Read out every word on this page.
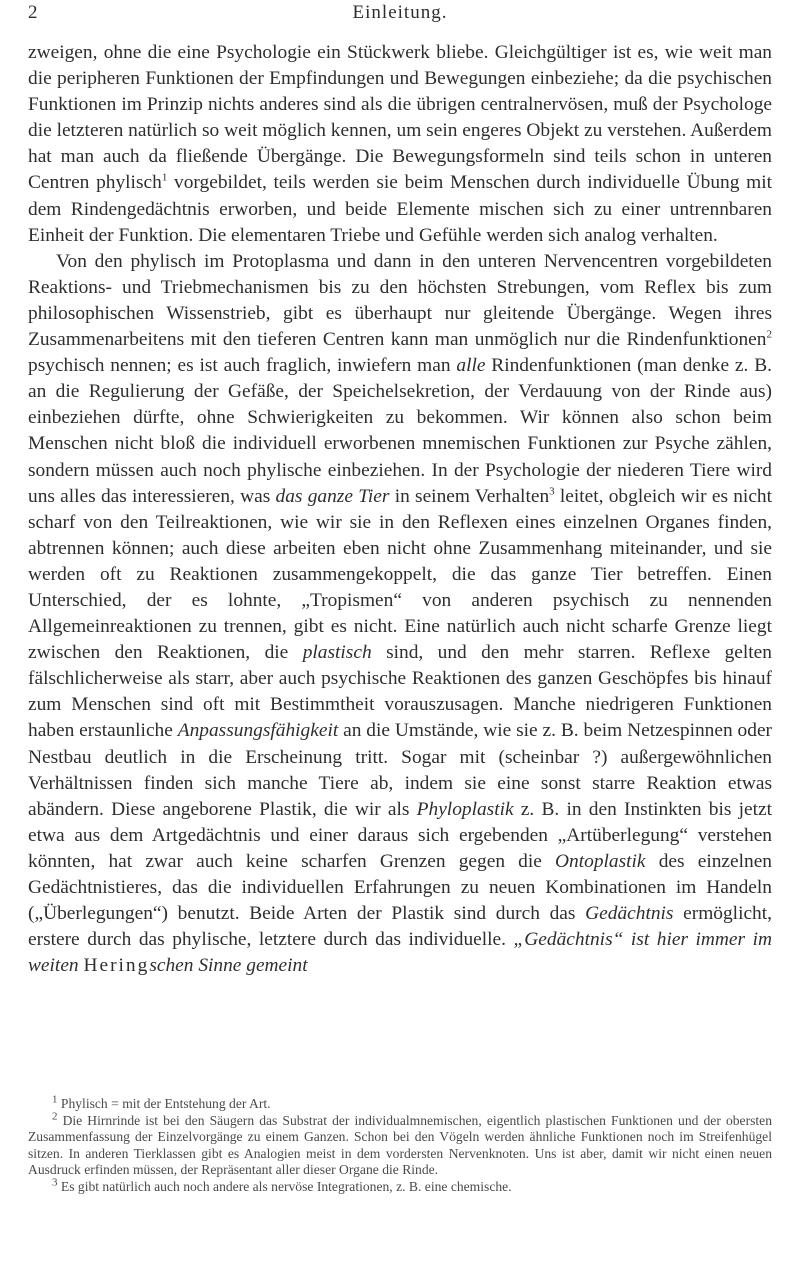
2	Einleitung.

zweigen, ohne die eine Psychologie ein Stückwerk bliebe. Gleichgültiger ist es, wie weit man die peripheren Funktionen der Empfindungen und Bewegungen einbeziehe; da die psychischen Funktionen im Prinzip nichts anderes sind als die übrigen centralnervösen, muß der Psychologe die letzteren natürlich so weit möglich kennen, um sein engeres Objekt zu verstehen. Außerdem hat man auch da fließende Übergänge. Die Bewegungsformeln sind teils schon in unteren Centren phylisch$^1$ vorgebildet, teils werden sie beim Menschen durch individuelle Übung mit dem Rindengedächtnis erworben, und beide Elemente mischen sich zu einer untrennbaren Einheit der Funktion. Die elementaren Triebe und Gefühle werden sich analog verhalten.

Von den phylisch im Protoplasma und dann in den unteren Nervencentren vorgebildeten Reaktions- und Triebmechanismen bis zu den höchsten Strebungen, vom Reflex bis zum philosophischen Wissenstrieb, gibt es überhaupt nur gleitende Übergänge. Wegen ihres Zusammenarbeitens mit den tieferen Centren kann man unmöglich nur die Rindenfunktionen$^2$ psychisch nennen; es ist auch fraglich, inwiefern man alle Rindenfunktionen (man denke z. B. an die Regulierung der Gefäße, der Speichelsekretion, der Verdauung von der Rinde aus) einbeziehen dürfte, ohne Schwierigkeiten zu bekommen. Wir können also schon beim Menschen nicht bloß die individuell erworbenen mnemischen Funktionen zur Psyche zählen, sondern müssen auch noch phylische einbeziehen. In der Psychologie der niederen Tiere wird uns alles das interessieren, was das ganze Tier in seinem Verhalten$^3$ leitet, obgleich wir es nicht scharf von den Teilreaktionen, wie wir sie in den Reflexen eines einzelnen Organes finden, abtrennen können; auch diese arbeiten eben nicht ohne Zusammenhang miteinander, und sie werden oft zu Reaktionen zusammengekoppelt, die das ganze Tier betreffen. Einen Unterschied, der es lohnte, „Tropismen“ von anderen psychisch zu nennenden Allgemeinreaktionen zu trennen, gibt es nicht. Eine natürlich auch nicht scharfe Grenze liegt zwischen den Reaktionen, die plastisch sind, und den mehr starren. Reflexe gelten fälschlicherweise als starr, aber auch psychische Reaktionen des ganzen Geschöpfes bis hinauf zum Menschen sind oft mit Bestimmtheit vorauszusagen. Manche niedrigeren Funktionen haben erstaunliche Anpassungsfähigkeit an die Umstände, wie sie z. B. beim Netzespinnen oder Nestbau deutlich in die Erscheinung tritt. Sogar mit (scheinbar ?) außergewöhnlichen Verhältnissen finden sich manche Tiere ab, indem sie eine sonst starre Reaktion etwas abändern. Diese angeborene Plastik, die wir als Phyloplastik z. B. in den Instinkten bis jetzt etwa aus dem Artgedächtnis und einer daraus sich ergebenden „Artüberlegung“ verstehen könnten, hat zwar auch keine scharfen Grenzen gegen die Ontoplastik des einzelnen Gedächtnistieres, das die individuellen Erfahrungen zu neuen Kombinationen im Handeln („Überlegungen“) benutzt. Beide Arten der Plastik sind durch das Gedächtnis ermöglicht, erstere durch das phylische, letztere durch das individuelle. „Gedächtnis“ ist hier immer im weiten Heringschen Sinne gemeint

$^1$ Phylisch = mit der Entstehung der Art.

$^2$ Die Hirnrinde ist bei den Säugern das Substrat der individualmnemischen, eigentlich plastischen Funktionen und der obersten Zusammenfassung der Einzelvorgänge zu einem Ganzen. Schon bei den Vögeln werden ähnliche Funktionen noch im Streifenhügel sitzen. In anderen Tierklassen gibt es Analogien meist in dem vordersten Nervenknoten. Uns ist aber, damit wir nicht einen neuen Ausdruck erfinden müssen, der Repräsentant aller dieser Organe die Rinde.

$^3$ Es gibt natürlich auch noch andere als nervöse Integrationen, z. B. eine chemische.
